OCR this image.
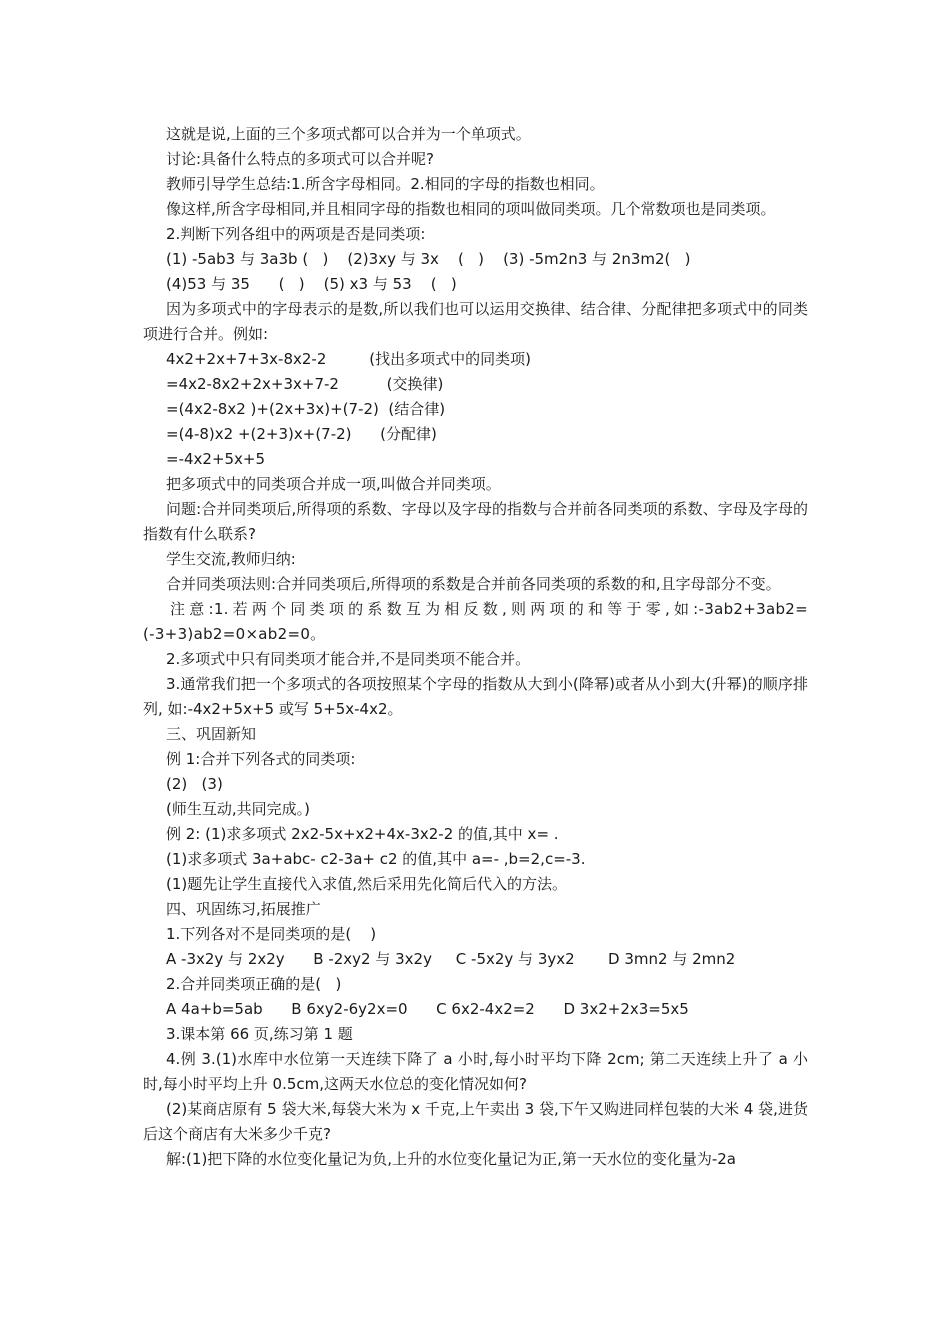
这就是说,上面的三个多项式都可以合并为一个单项式。

讨论:具备什么特点的多项式可以合并呢?

教师引导学生总结:1.所含字母相同。2.相同的字母的指数也相同。

像这样,所含字母相同,并且相同字母的指数也相同的项叫做同类项。几个常数项也是同类项。

2.判断下列各组中的两项是否是同类项:

(1) -5ab3 与 3a3b (   )    (2)3xy 与 3x    (   )    (3) -5m2n3 与 2n3m2(   )

(4)53 与 35      (   )    (5) x3 与 53    (   )

因为多项式中的字母表示的是数,所以我们也可以运用交换律、结合律、分配律把多项式中的同类项进行合并。例如:

4x2+2x+7+3x-8x2-2         (找出多项式中的同类项)

=4x2-8x2+2x+3x+7-2          (交换律)

=(4x2-8x2 )+(2x+3x)+(7-2)  (结合律)

=(4-8)x2 +(2+3)x+(7-2)      (分配律)

=-4x2+5x+5

把多项式中的同类项合并成一项,叫做合并同类项。

问题:合并同类项后,所得项的系数、字母以及字母的指数与合并前各同类项的系数、字母及字母的指数有什么联系?

学生交流,教师归纳:

合并同类项法则:合并同类项后,所得项的系数是合并前各同类项的系数的和,且字母部分不变。

注意:1.若两个同类项的系数互为相反数,则两项的和等于零,如:-3ab2+3ab2=(-3+3)ab2=0×ab2=0。

2.多项式中只有同类项才能合并,不是同类项不能合并。

3.通常我们把一个多项式的各项按照某个字母的指数从大到小(降幂)或者从小到大(升幂)的顺序排列, 如:-4x2+5x+5 或写 5+5x-4x2。

三、巩固新知

例 1:合并下列各式的同类项:

(2)   (3)

(师生互动,共同完成。)

例 2: (1)求多项式 2x2-5x+x2+4x-3x2-2 的值,其中 x= .

(1)求多项式 3a+abc- c2-3a+ c2 的值,其中 a=- ,b=2,c=-3.

(1)题先让学生直接代入求值,然后采用先化简后代入的方法。

四、巩固练习,拓展推广

1.下列各对不是同类项的是(    )

A -3x2y 与 2x2y      B -2xy2 与 3x2y     C -5x2y 与 3yx2       D 3mn2 与 2mn2

2.合并同类项正确的是(   )

A 4a+b=5ab      B 6xy2-6y2x=0      C 6x2-4x2=2      D 3x2+2x3=5x5

3.课本第 66 页,练习第 1 题

4.例 3.(1)水库中水位第一天连续下降了 a 小时,每小时平均下降 2cm; 第二天连续上升了 a 小时,每小时平均上升 0.5cm,这两天水位总的变化情况如何?

(2)某商店原有 5 袋大米,每袋大米为 x 千克,上午卖出 3 袋,下午又购进同样包装的大米 4 袋,进货后这个商店有大米多少千克?

解:(1)把下降的水位变化量记为负,上升的水位变化量记为正,第一天水位的变化量为-2a
